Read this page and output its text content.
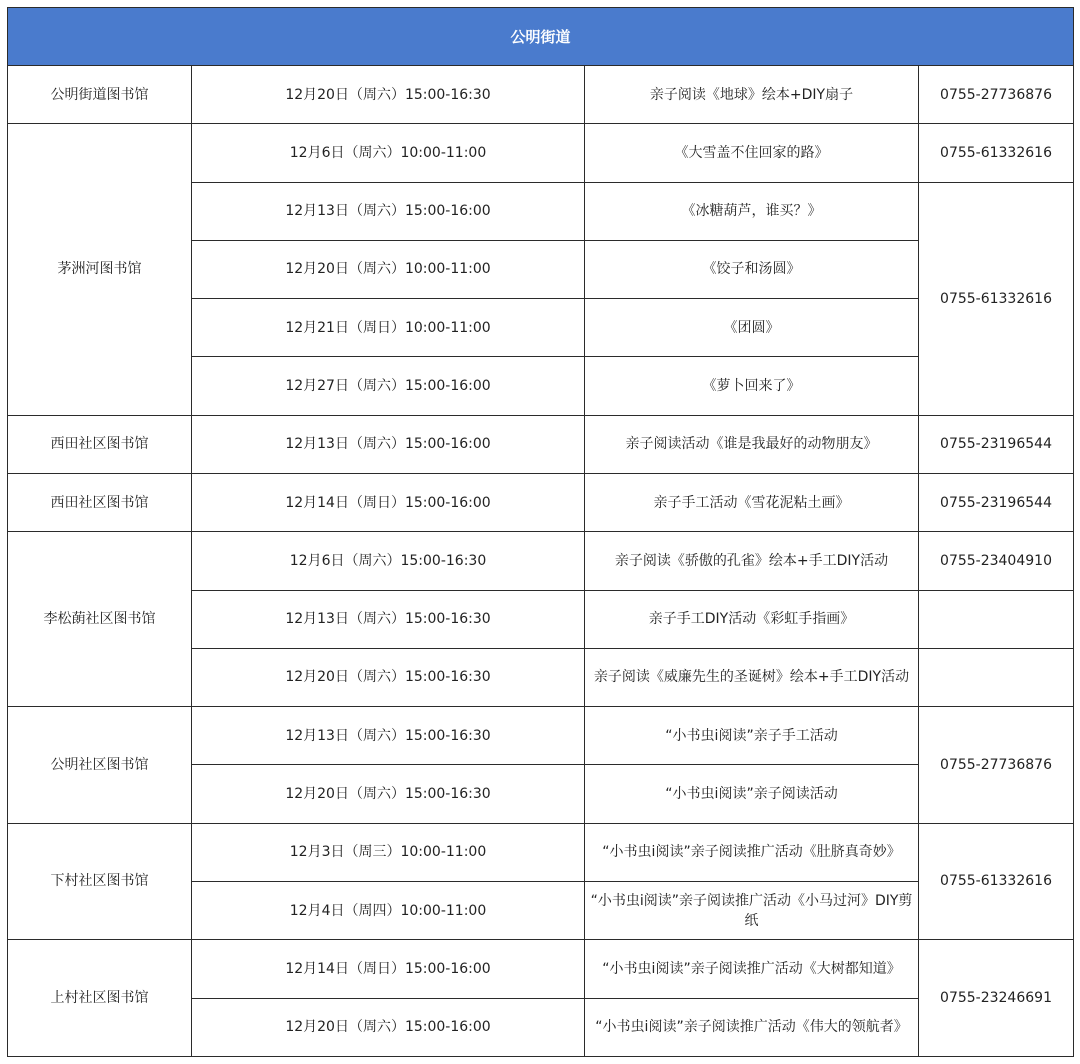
公明街道			
公明街道图书馆	12月20日（周六）15:00-16:30	亲子阅读《地球》绘本+DIY扇子	0755-27736876
茅洲河图书馆	12月6日（周六）10:00-11:00	《大雪盖不住回家的路》	0755-61332616
	12月13日（周六）15:00-16:00	《冰糖葫芦，谁买？》	0755-61332616
	12月20日（周六）10:00-11:00	《饺子和汤圆》	
	12月21日（周日）10:00-11:00	《团圆》	
	12月27日（周六）15:00-16:00	《萝卜回来了》	
西田社区图书馆	12月13日（周六）15:00-16:00	亲子阅读活动《谁是我最好的动物朋友》	0755-23196544
西田社区图书馆	12月14日（周日）15:00-16:00	亲子手工活动《雪花泥粘土画》	0755-23196544
李松蓢社区图书馆	12月6日（周六）15:00-16:30	亲子阅读《骄傲的孔雀》绘本+手工DIY活动	0755-23404910
	12月13日（周六）15:00-16:30	亲子手工DIY活动《彩虹手指画》	
	12月20日（周六）15:00-16:30	亲子阅读《威廉先生的圣诞树》绘本+手工DIY活动	
公明社区图书馆	12月13日（周六）15:00-16:30	“小书虫i阅读”亲子手工活动	0755-27736876
	12月20日（周六）15:00-16:30	“小书虫i阅读”亲子阅读活动	
下村社区图书馆	12月3日（周三）10:00-11:00	“小书虫i阅读”亲子阅读推广活动《肚脐真奇妙》	0755-61332616
	12月4日（周四）10:00-11:00	“小书虫i阅读”亲子阅读推广活动《小马过河》DIY剪纸	
上村社区图书馆	12月14日（周日）15:00-16:00	“小书虫i阅读”亲子阅读推广活动《大树都知道》	0755-23246691
	12月20日（周六）15:00-16:00	“小书虫i阅读”亲子阅读推广活动《伟大的领航者》	
